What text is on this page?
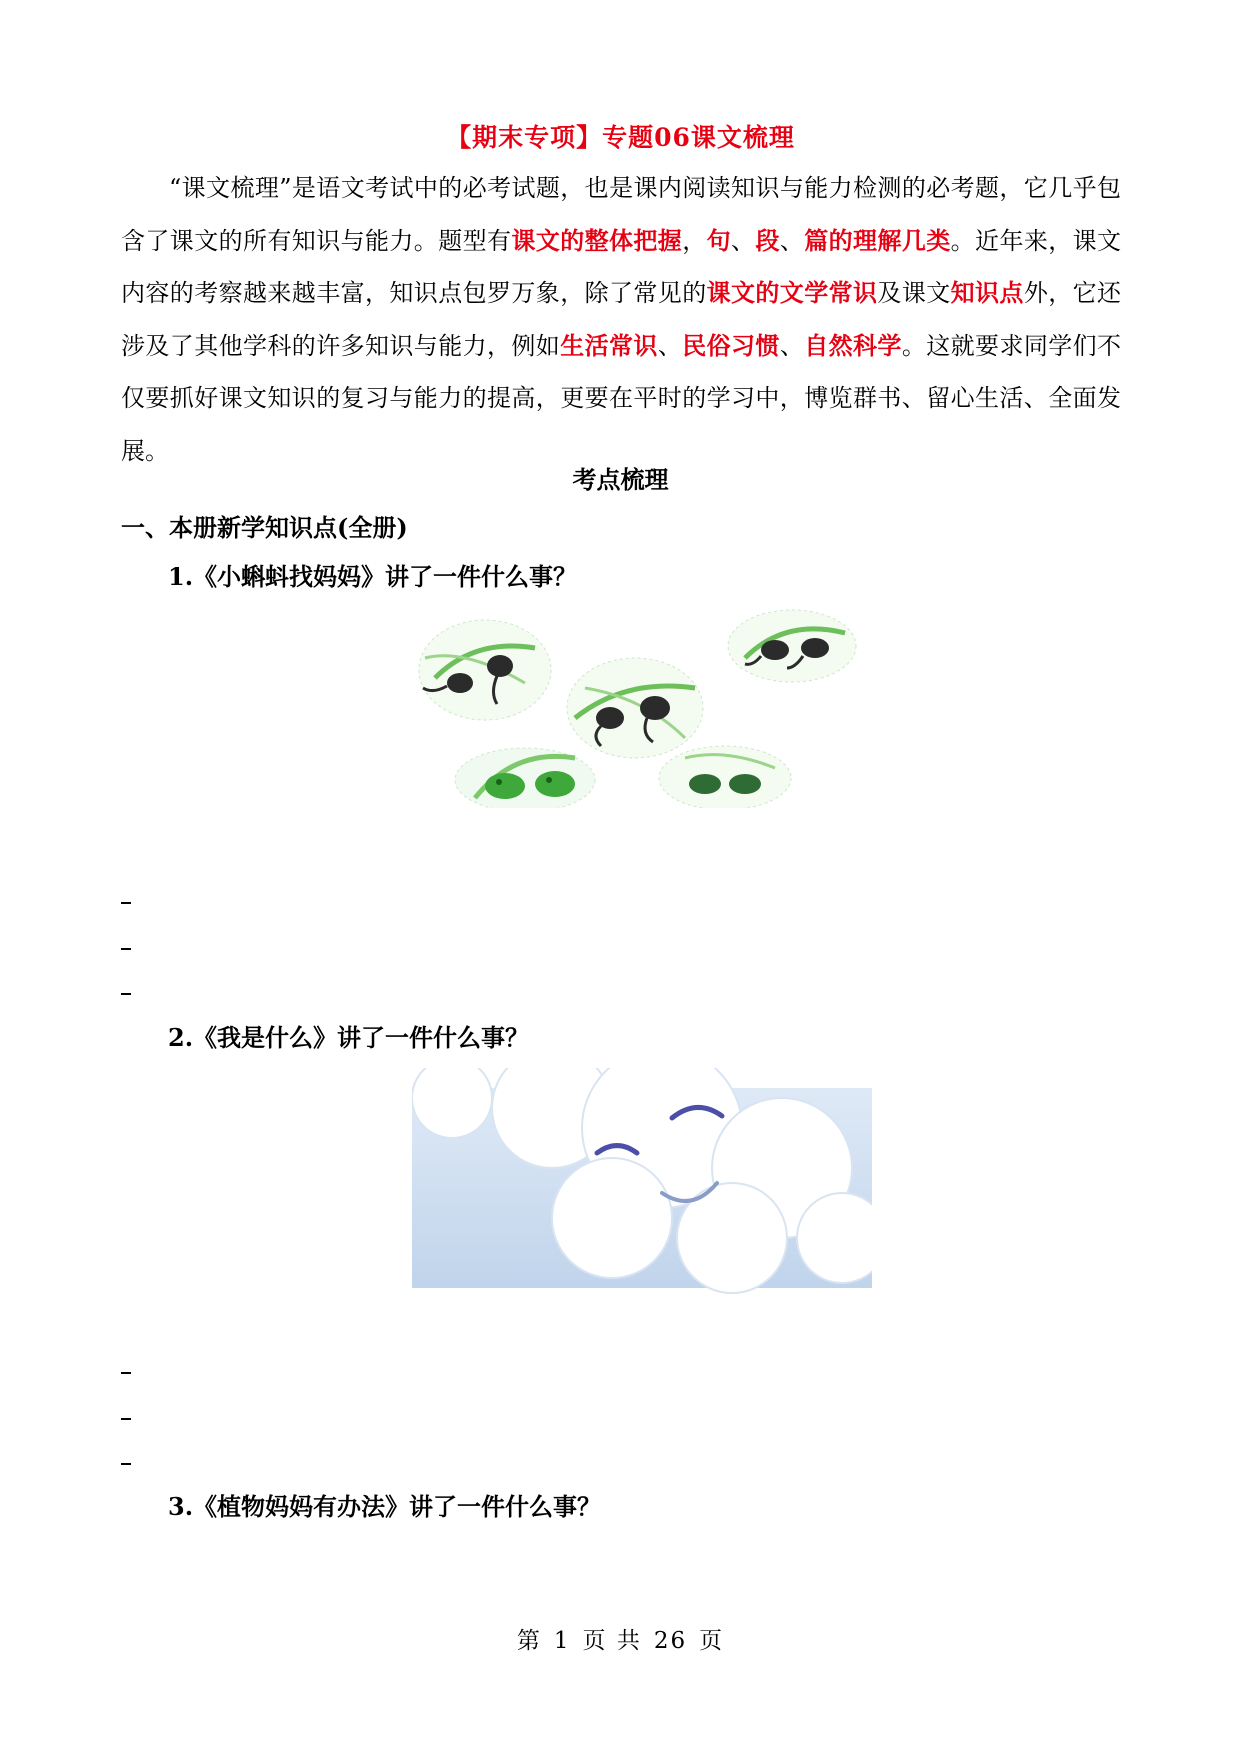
【期末专项】专题06课文梳理
“课文梳理”是语文考试中的必考试题，也是课内阅读知识与能力检测的必考题，它几乎包含了课文的所有知识与能力。题型有课文的整体把握，句、段、篇的理解几类。近年来，课文内容的考察越来越丰富，知识点包罗万象，除了常见的课文的文学常识及课文知识点外，它还涉及了其他学科的许多知识与能力，例如生活常识、民俗习惯、自然科学。这就要求同学们不仅要抓好课文知识的复习与能力的提高，更要在平时的学习中，博览群书、留心生活、全面发展。
考点梳理
一、本册新学知识点(全册)
1.《小蝌蚪找妈妈》讲了一件什么事？
2.《我是什么》讲了一件什么事？
3.《植物妈妈有办法》讲了一件什么事？
第 1 页 共 26 页
